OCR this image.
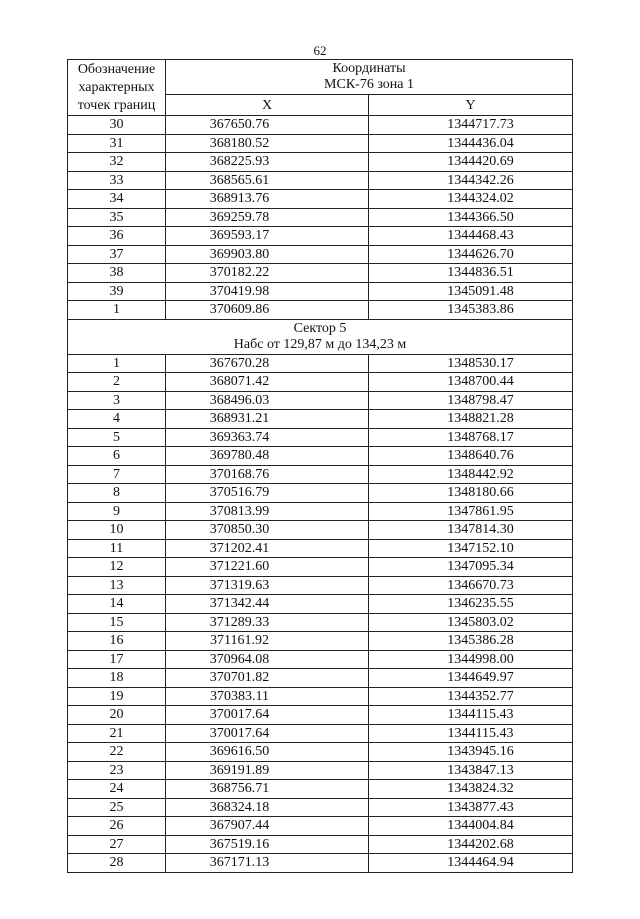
62
Обозначение
характерных
точек границ	Координаты
МСК-76 зона 1	
	X	Y
30	367650.76	1344717.73
31	368180.52	1344436.04
32	368225.93	1344420.69
33	368565.61	1344342.26
34	368913.76	1344324.02
35	369259.78	1344366.50
36	369593.17	1344468.43
37	369903.80	1344626.70
38	370182.22	1344836.51
39	370419.98	1345091.48
1	370609.86	1345383.86
Сектор 5
Набс от 129,87 м до 134,23 м		
1	367670.28	1348530.17
2	368071.42	1348700.44
3	368496.03	1348798.47
4	368931.21	1348821.28
5	369363.74	1348768.17
6	369780.48	1348640.76
7	370168.76	1348442.92
8	370516.79	1348180.66
9	370813.99	1347861.95
10	370850.30	1347814.30
11	371202.41	1347152.10
12	371221.60	1347095.34
13	371319.63	1346670.73
14	371342.44	1346235.55
15	371289.33	1345803.02
16	371161.92	1345386.28
17	370964.08	1344998.00
18	370701.82	1344649.97
19	370383.11	1344352.77
20	370017.64	1344115.43
21	370017.64	1344115.43
22	369616.50	1343945.16
23	369191.89	1343847.13
24	368756.71	1343824.32
25	368324.18	1343877.43
26	367907.44	1344004.84
27	367519.16	1344202.68
28	367171.13	1344464.94
